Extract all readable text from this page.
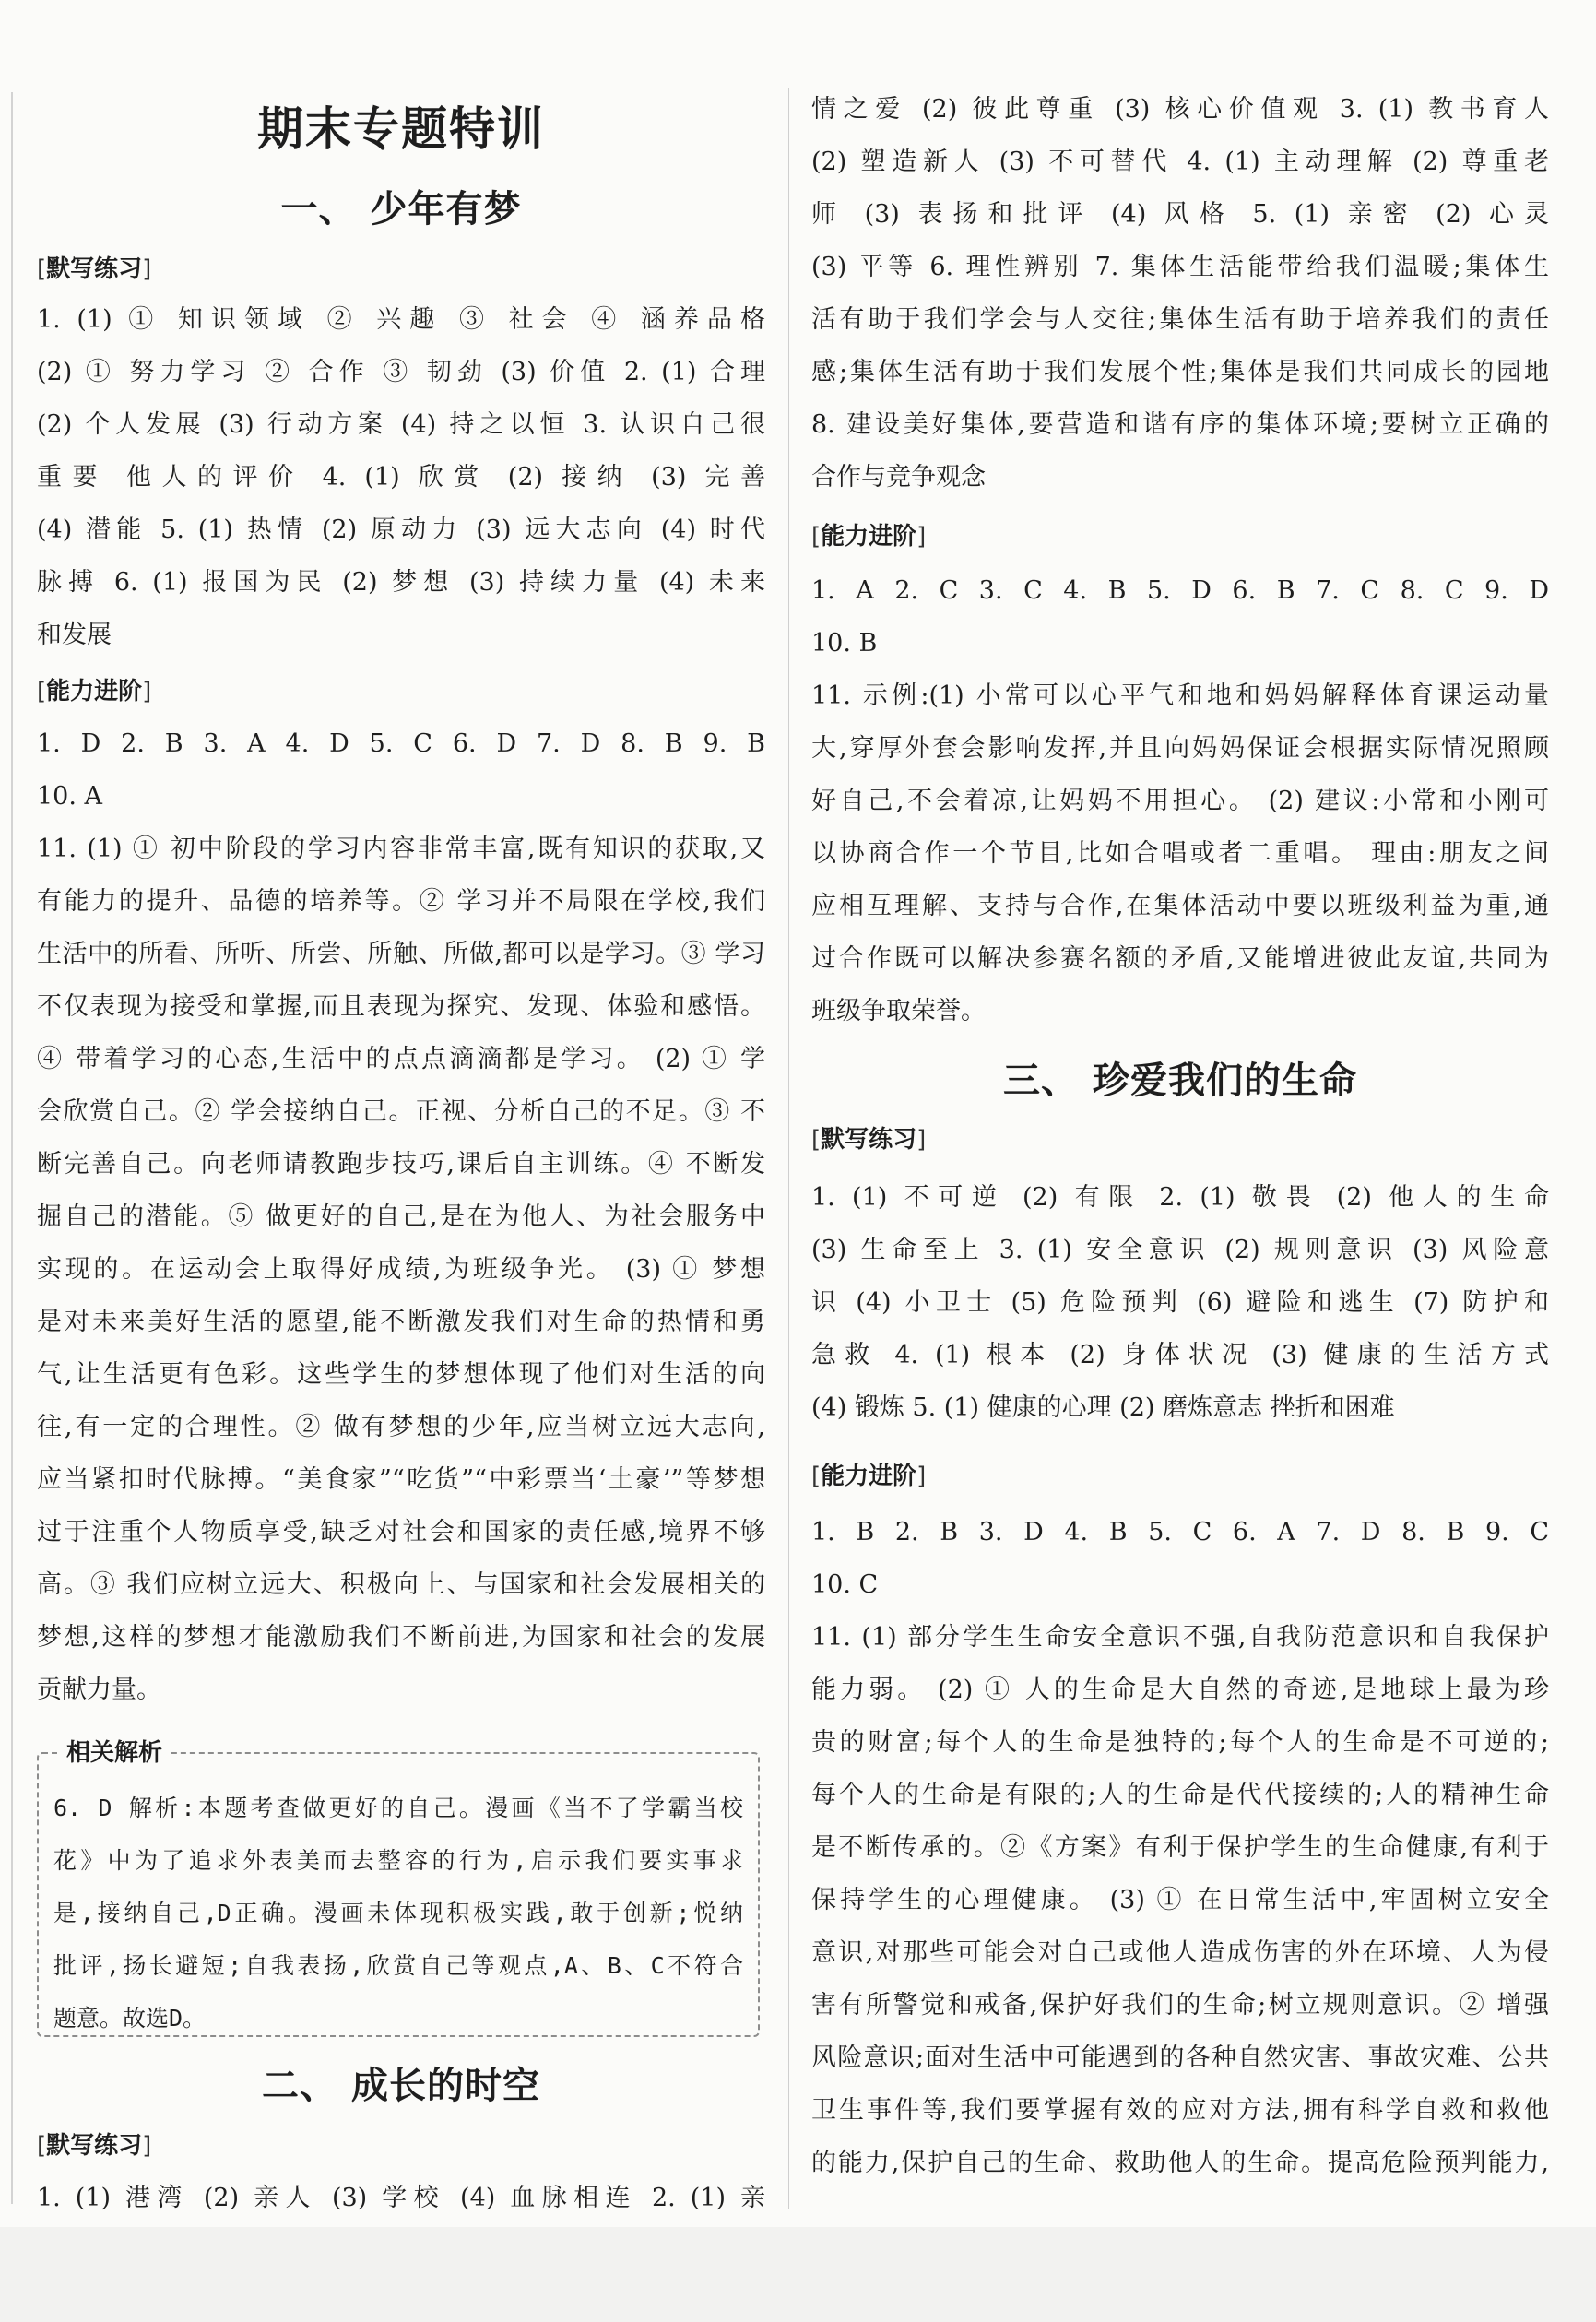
期末专题特训
一、 少年有梦
[默写练习]
1. (1) ① 知识领域 ② 兴趣 ③ 社会 ④ 涵养品格
(2) ① 努力学习 ② 合作 ③ 韧劲 (3) 价值 2. (1) 合理
(2) 个人发展 (3) 行动方案 (4) 持之以恒 3. 认识自己很
重要 他人的评价 4. (1) 欣赏 (2) 接纳 (3) 完善
(4) 潜能 5. (1) 热情 (2) 原动力 (3) 远大志向 (4) 时代
脉搏 6. (1) 报国为民 (2) 梦想 (3) 持续力量 (4) 未来
和发展
[能力进阶]
1. D 2. B 3. A 4. D 5. C 6. D 7. D 8. B 9. B
10. A
11. (1) ① 初中阶段的学习内容非常丰富,既有知识的获取,又
有能力的提升、品德的培养等。② 学习并不局限在学校,我们
生活中的所看、所听、所尝、所触、所做,都可以是学习。③ 学习
不仅表现为接受和掌握,而且表现为探究、发现、体验和感悟。
④ 带着学习的心态,生活中的点点滴滴都是学习。 (2) ① 学
会欣赏自己。② 学会接纳自己。正视、分析自己的不足。③ 不
断完善自己。向老师请教跑步技巧,课后自主训练。④ 不断发
掘自己的潜能。⑤ 做更好的自己,是在为他人、为社会服务中
实现的。在运动会上取得好成绩,为班级争光。 (3) ① 梦想
是对未来美好生活的愿望,能不断激发我们对生命的热情和勇
气,让生活更有色彩。这些学生的梦想体现了他们对生活的向
往,有一定的合理性。② 做有梦想的少年,应当树立远大志向,
应当紧扣时代脉搏。“美食家”“吃货”“中彩票当‘土豪’”等梦想
过于注重个人物质享受,缺乏对社会和国家的责任感,境界不够
高。③ 我们应树立远大、积极向上、与国家和社会发展相关的
梦想,这样的梦想才能激励我们不断前进,为国家和社会的发展
贡献力量。
相关解析
6. D 解析:本题考查做更好的自己。漫画《当不了学霸当校
花》中为了追求外表美而去整容的行为,启示我们要实事求
是,接纳自己,D正确。漫画未体现积极实践,敢于创新;悦纳
批评,扬长避短;自我表扬,欣赏自己等观点,A、B、C不符合
题意。故选D。
二、 成长的时空
[默写练习]
1. (1) 港湾 (2) 亲人 (3) 学校 (4) 血脉相连 2. (1) 亲
情之爱 (2) 彼此尊重 (3) 核心价值观 3. (1) 教书育人
(2) 塑造新人 (3) 不可替代 4. (1) 主动理解 (2) 尊重老
师 (3) 表扬和批评 (4) 风格 5. (1) 亲密 (2) 心灵
(3) 平等 6. 理性辨别 7. 集体生活能带给我们温暖;集体生
活有助于我们学会与人交往;集体生活有助于培养我们的责任
感;集体生活有助于我们发展个性;集体是我们共同成长的园地
8. 建设美好集体,要营造和谐有序的集体环境;要树立正确的
合作与竞争观念
[能力进阶]
1. A 2. C 3. C 4. B 5. D 6. B 7. C 8. C 9. D
10. B
11. 示例:(1) 小常可以心平气和地和妈妈解释体育课运动量
大,穿厚外套会影响发挥,并且向妈妈保证会根据实际情况照顾
好自己,不会着凉,让妈妈不用担心。 (2) 建议:小常和小刚可
以协商合作一个节目,比如合唱或者二重唱。 理由:朋友之间
应相互理解、支持与合作,在集体活动中要以班级利益为重,通
过合作既可以解决参赛名额的矛盾,又能增进彼此友谊,共同为
班级争取荣誉。
三、 珍爱我们的生命
[默写练习]
1. (1) 不可逆 (2) 有限 2. (1) 敬畏 (2) 他人的生命
(3) 生命至上 3. (1) 安全意识 (2) 规则意识 (3) 风险意
识 (4) 小卫士 (5) 危险预判 (6) 避险和逃生 (7) 防护和
急救 4. (1) 根本 (2) 身体状况 (3) 健康的生活方式
(4) 锻炼 5. (1) 健康的心理 (2) 磨炼意志 挫折和困难
[能力进阶]
1. B 2. B 3. D 4. B 5. C 6. A 7. D 8. B 9. C
10. C
11. (1) 部分学生生命安全意识不强,自我防范意识和自我保护
能力弱。 (2) ① 人的生命是大自然的奇迹,是地球上最为珍
贵的财富;每个人的生命是独特的;每个人的生命是不可逆的;
每个人的生命是有限的;人的生命是代代接续的;人的精神生命
是不断传承的。②《方案》有利于保护学生的生命健康,有利于
保持学生的心理健康。 (3) ① 在日常生活中,牢固树立安全
意识,对那些可能会对自己或他人造成伤害的外在环境、人为侵
害有所警觉和戒备,保护好我们的生命;树立规则意识。② 增强
风险意识;面对生活中可能遇到的各种自然灾害、事故灾难、公共
卫生事件等,我们要掌握有效的应对方法,拥有科学自救和救他
的能力,保护自己的生命、救助他人的生命。提高危险预判能力,
